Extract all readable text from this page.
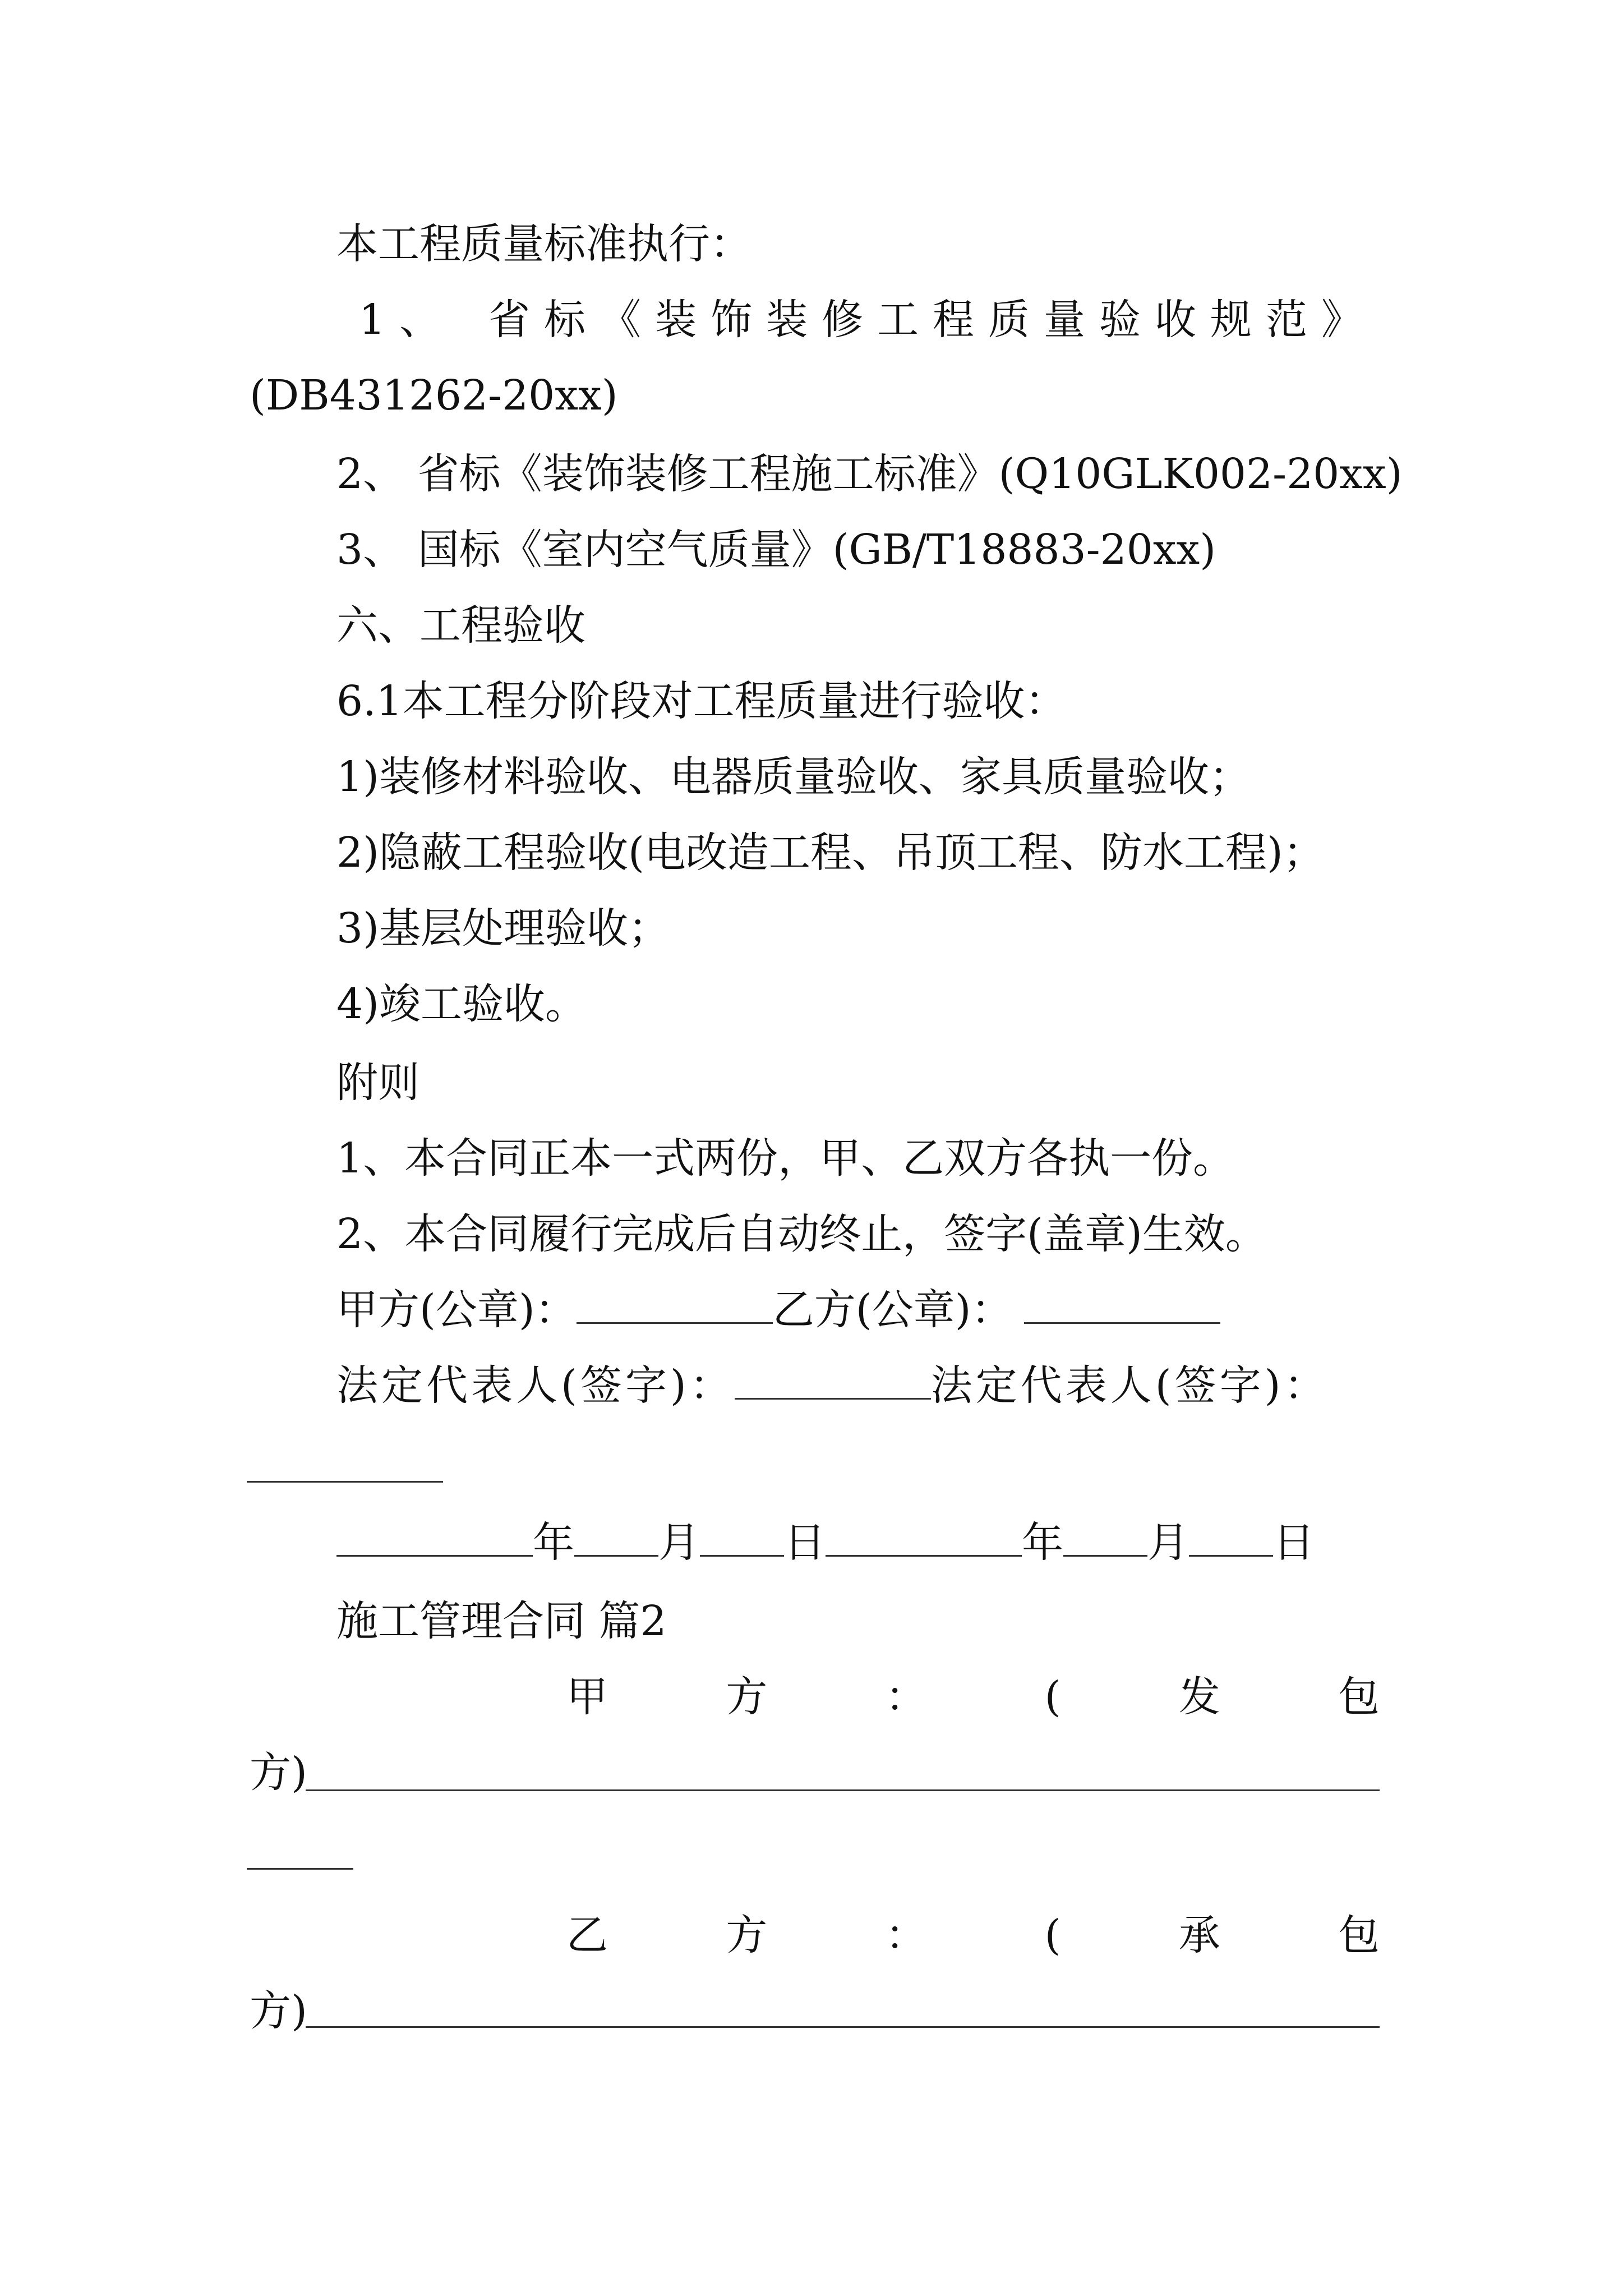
本工程质量标准执行：
1 、 省 标 《 装 饰 装 修 工 程 质 量 验 收 规 范 》
(DB431262-20xx)
2、 省标《装饰装修工程施工标准》(Q10GLK002-20xx)
3、 国标《室内空气质量》(GB/T18883-20xx)
六、工程验收
6.1本工程分阶段对工程质量进行验收：
1)装修材料验收、电器质量验收、家具质量验收；
2)隐蔽工程验收(电改造工程、吊顶工程、防水工程)；
3)基层处理验收；
4)竣工验收。
附则
1、本合同正本一式两份，甲、乙双方各执一份。
2、本合同履行完成后自动终止，签字(盖章)生效。
甲方(公章)：	乙方(公章)：
法定代表人(签字)：	法定代表人(签字)：
年 月 日	年 月 日
施工管理合同 篇2
甲	方	：	(	发	包
方)
乙	方	：	(	承	包
方)
